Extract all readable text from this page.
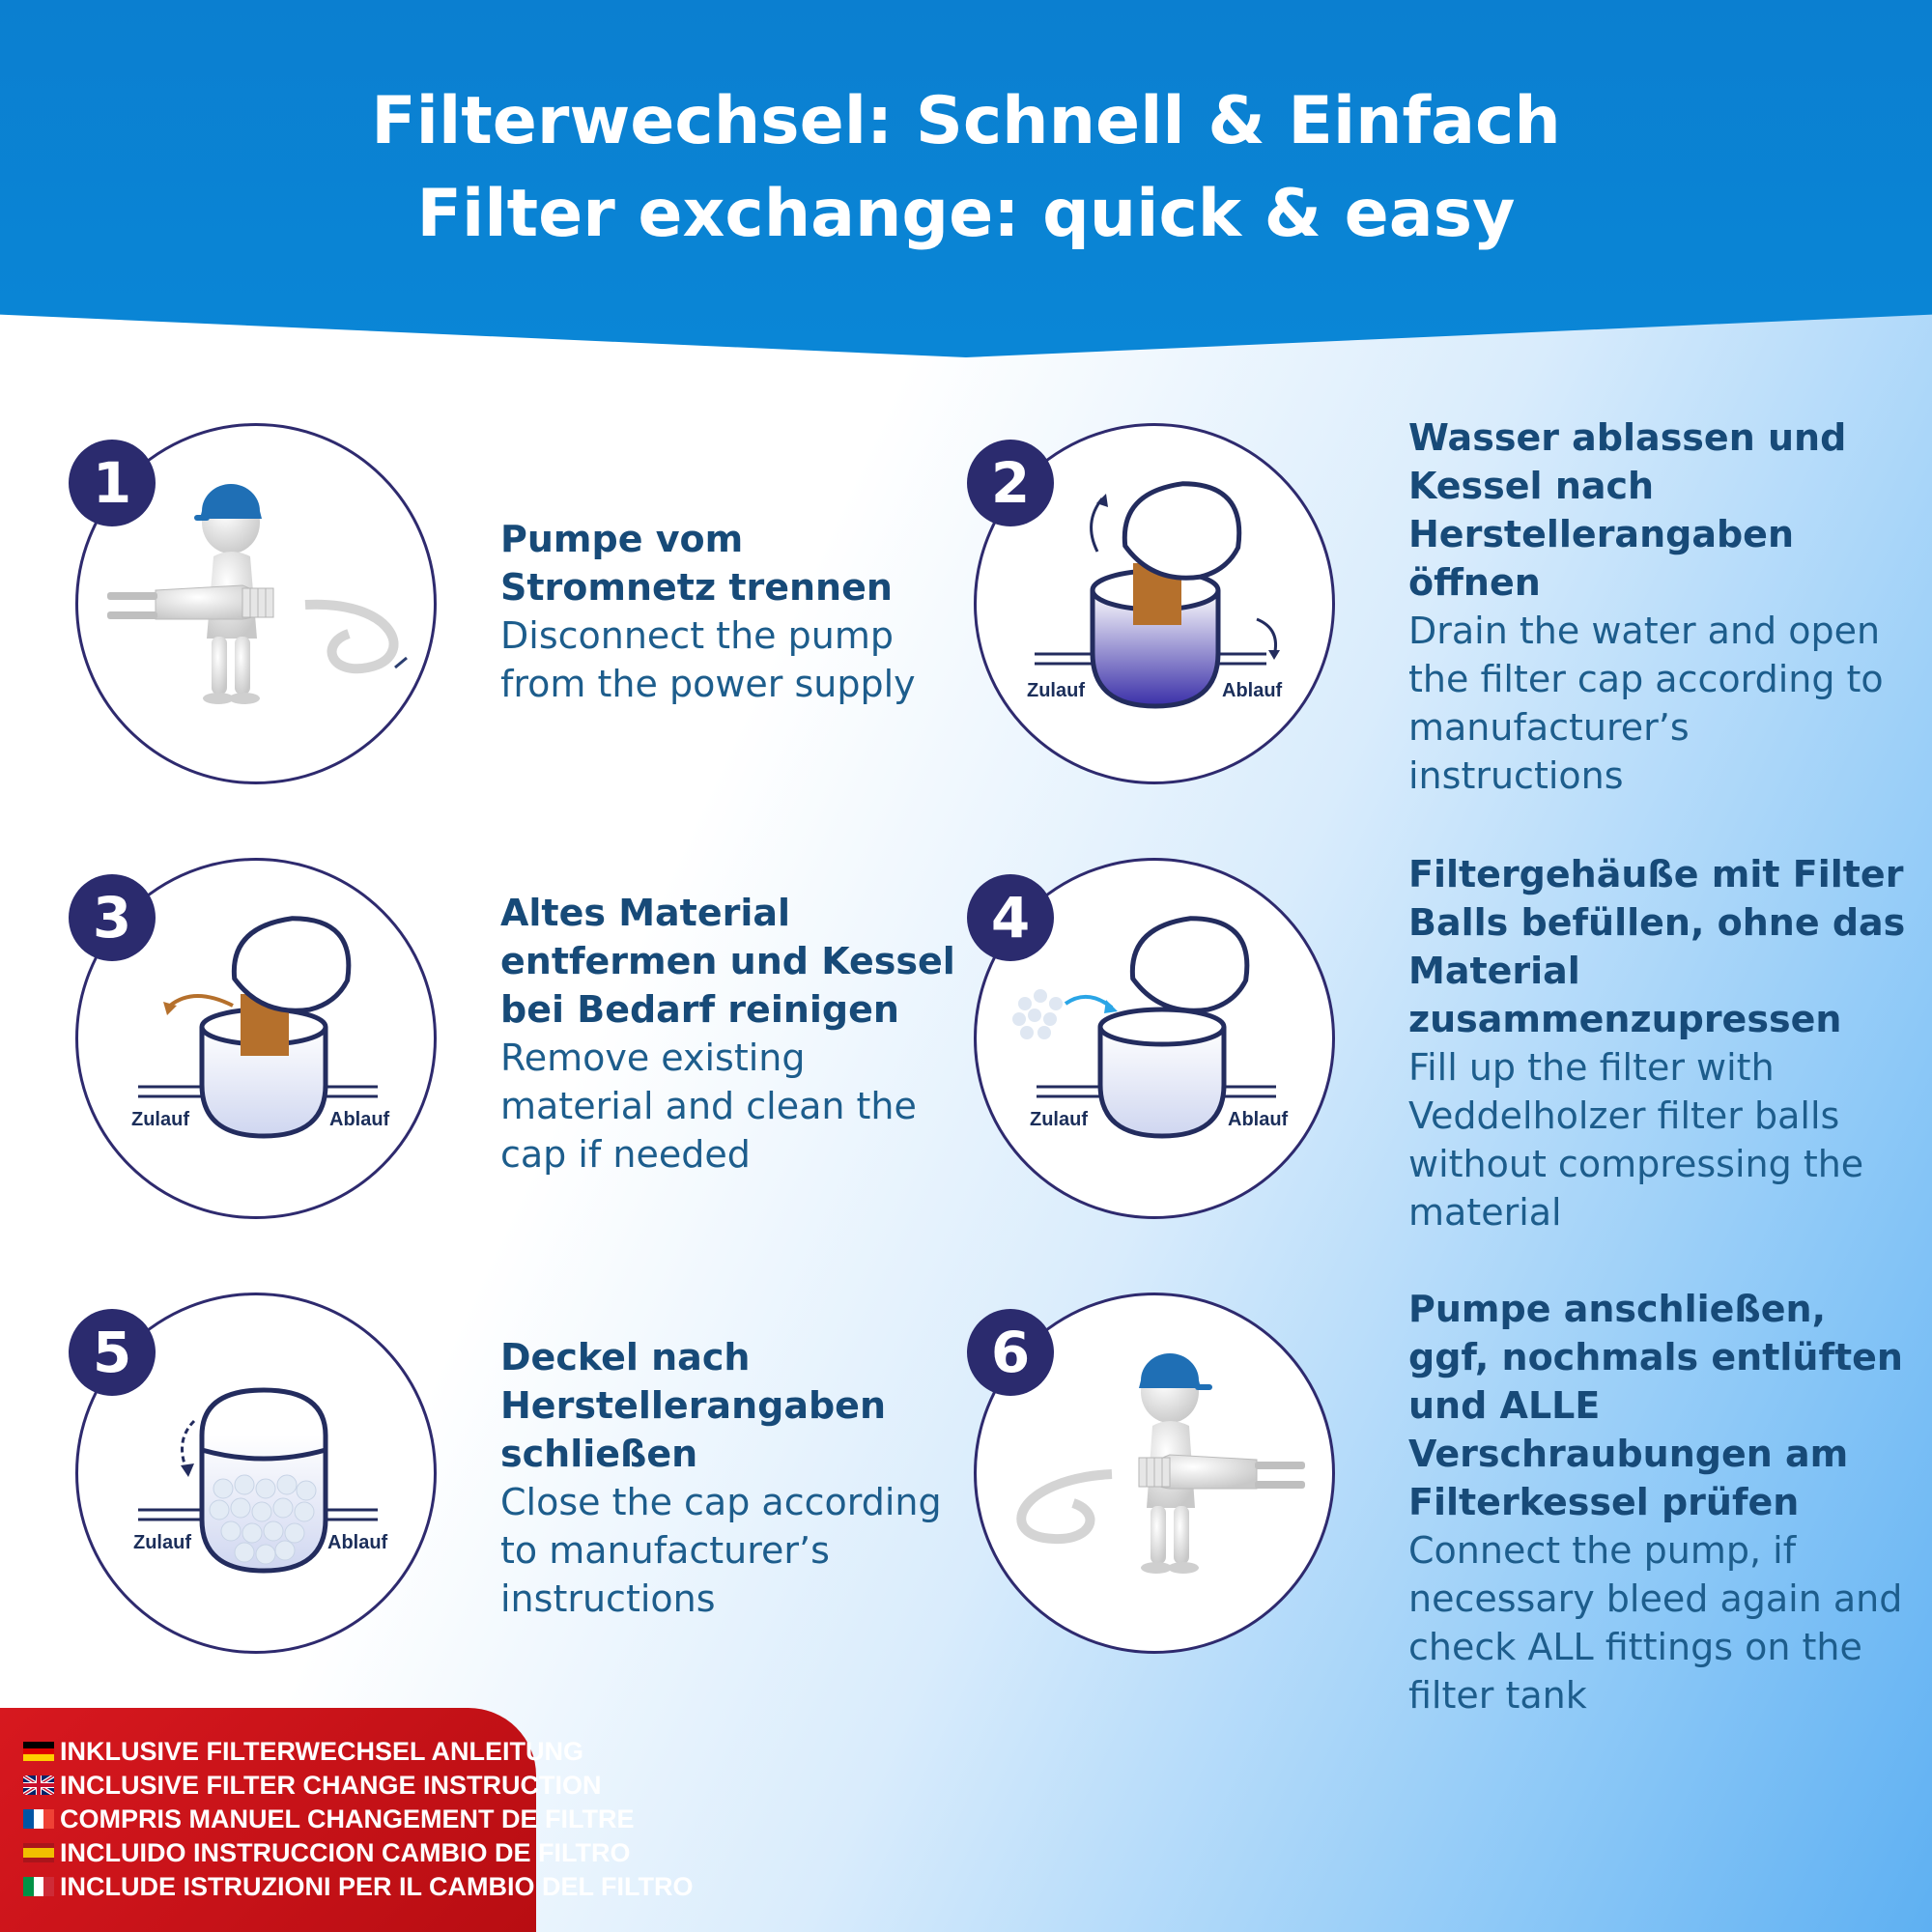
Filterwechsel: Schnell & Einfach
Filter exchange: quick & easy
1
Pumpe vom Stromnetz trennen
Disconnect the pump from the power supply	Zulauf	Ablauf
2
Wasser ablassen und Kessel nach Herstellerangaben öffnen
Drain the water and open the filter cap according to manufacturer’s instructions
Zulauf	Ablauf
3	Altes Material entfermen und Kessel bei Bedarf reinigen
Remove existing material and clean the cap if needed
Zulauf	Ablauf
4
Filtergehäuße mit Filter Balls befüllen, ohne das Material zusammenzupressen
Fill up the filter with Veddelholzer filter balls without compressing the material
Zulauf	Ablauf
5	Deckel nach Herstellerangaben schließen
Close the cap according to manufacturer’s instructions
6
Pumpe anschließen, ggf, nochmals entlüften und ALLE Verschraubungen am Filterkessel prüfen
Connect the pump, if necessary bleed again and check ALL fittings on the filter tank
INKLUSIVE FILTERWECHSEL ANLEITUNG
INCLUSIVE FILTER CHANGE INSTRUCTION
COMPRIS MANUEL CHANGEMENT DE FILTRE
INCLUIDO INSTRUCCION CAMBIO DE FILTRO
INCLUDE ISTRUZIONI PER IL CAMBIO DEL FILTRO
